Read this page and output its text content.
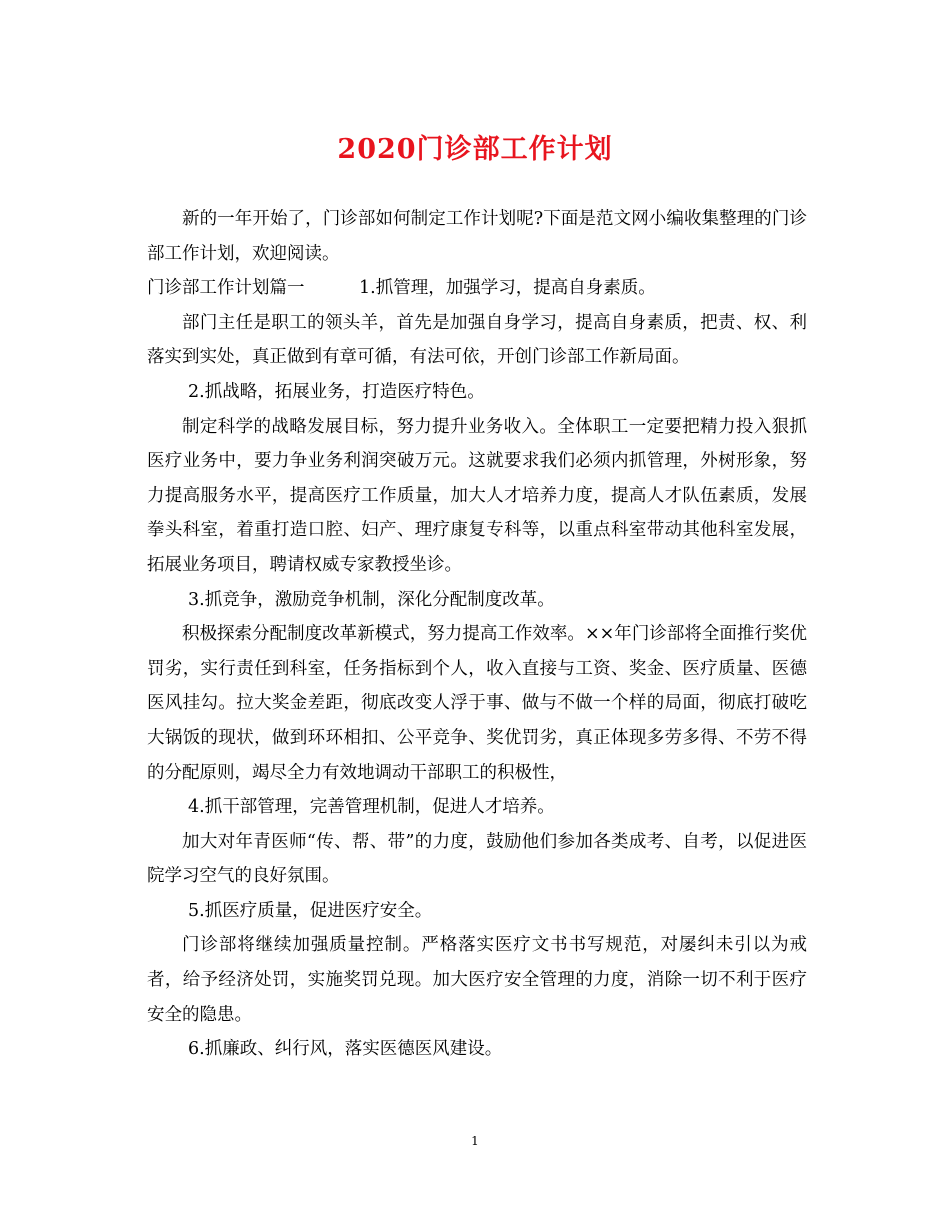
2020门诊部工作计划

新的一年开始了，门诊部如何制定工作计划呢?下面是范文网小编收集整理的门诊部工作计划，欢迎阅读。

门诊部工作计划篇一	1.抓管理，加强学习，提高自身素质。

部门主任是职工的领头羊，首先是加强自身学习，提高自身素质，把责、权、利落实到实处，真正做到有章可循，有法可依，开创门诊部工作新局面。

2.抓战略，拓展业务，打造医疗特色。

制定科学的战略发展目标，努力提升业务收入。全体职工一定要把精力投入狠抓医疗业务中，要力争业务利润突破万元。这就要求我们必须内抓管理，外树形象，努力提高服务水平，提高医疗工作质量，加大人才培养力度，提高人才队伍素质，发展拳头科室，着重打造口腔、妇产、理疗康复专科等，以重点科室带动其他科室发展，拓展业务项目，聘请权威专家教授坐诊。

3.抓竞争，激励竞争机制，深化分配制度改革。

积极探索分配制度改革新模式，努力提高工作效率。××年门诊部将全面推行奖优罚劣，实行责任到科室，任务指标到个人，收入直接与工资、奖金、医疗质量、医德医风挂勾。拉大奖金差距，彻底改变人浮于事、做与不做一个样的局面，彻底打破吃大锅饭的现状，做到环环相扣、公平竞争、奖优罚劣，真正体现多劳多得、不劳不得的分配原则，竭尽全力有效地调动干部职工的积极性，

4.抓干部管理，完善管理机制，促进人才培养。

加大对年青医师“传、帮、带”的力度，鼓励他们参加各类成考、自考，以促进医院学习空气的良好氛围。

5.抓医疗质量，促进医疗安全。

门诊部将继续加强质量控制。严格落实医疗文书书写规范，对屡纠未引以为戒者，给予经济处罚，实施奖罚兑现。加大医疗安全管理的力度，消除一切不利于医疗安全的隐患。

6.抓廉政、纠行风，落实医德医风建设。

1
